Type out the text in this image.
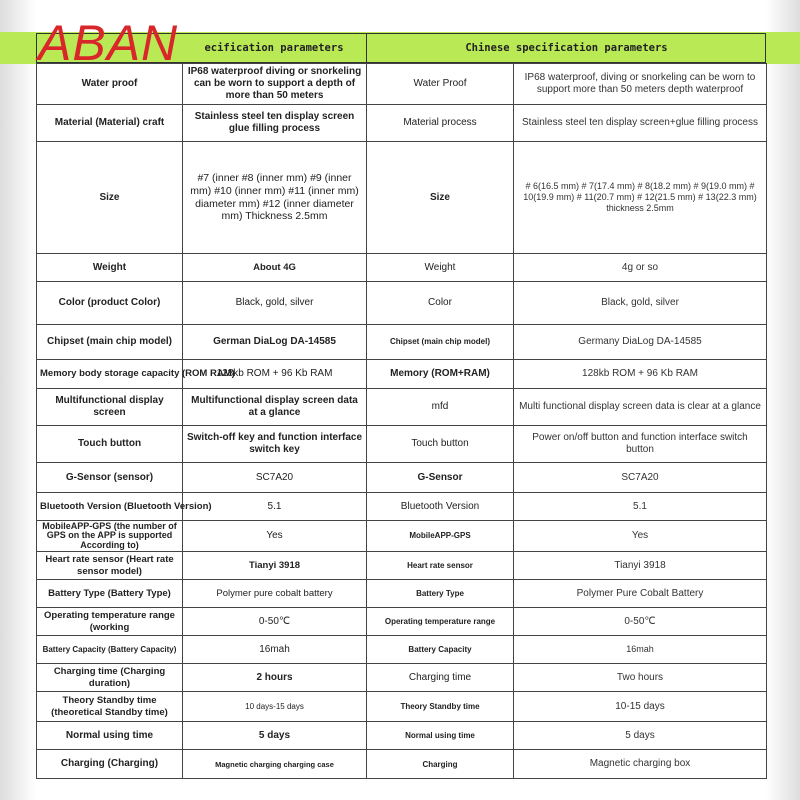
ecification parameters	Chinese specification parameters
ABAN
Water proof	IP68 waterproof diving or snorkeling can be worn to support a depth of more than 50 meters	Water Proof	IP68 waterproof, diving or snorkeling can be worn to support more than 50 meters depth waterproof
Material (Material) craft	Stainless steel ten display screen glue filling process	Material process	Stainless steel ten display screen+glue filling process
Size	#7 (inner #8 (inner mm) #9 (inner mm) #10 (inner mm) #11 (inner mm) diameter mm) #12 (inner diameter mm) Thickness 2.5mm	Size	# 6(16.5 mm) # 7(17.4 mm) # 8(18.2 mm) # 9(19.0 mm) # 10(19.9 mm) # 11(20.7 mm) # 12(21.5 mm) # 13(22.3 mm) thickness 2.5mm
Weight	About 4G	Weight	4g or so
Color (product Color)	Black, gold, silver	Color	Black, gold, silver
Chipset (main chip model)	German DiaLog DA-14585	Chipset (main chip model)	Germany DiaLog DA-14585
Memory body storage capacity (ROM RAM)	128kb ROM + 96 Kb RAM	Memory (ROM+RAM)	128kb ROM + 96 Kb RAM
Multifunctional display screen	Multifunctional display screen data at a glance	mfd	Multi functional display screen data is clear at a glance
Touch button	Switch-off key and function interface switch key	Touch button	Power on/off button and function interface switch button
G-Sensor (sensor)	SC7A20	G-Sensor	SC7A20
Bluetooth Version (Bluetooth Version)	5.1	Bluetooth Version	5.1
MobileAPP-GPS (the number of GPS on the APP is supported According to)	Yes	MobileAPP-GPS	Yes
Heart rate sensor (Heart rate sensor model)	Tianyi 3918	Heart rate sensor	Tianyi 3918
Battery Type (Battery Type)	Polymer pure cobalt battery	Battery Type	Polymer Pure Cobalt Battery
Operating temperature range (working	0-50℃	Operating temperature range	0-50℃
Battery Capacity (Battery Capacity)	16mah	Battery Capacity	16mah
Charging time (Charging duration)	2 hours	Charging time	Two hours
Theory Standby time (theoretical Standby time)	10 days-15 days	Theory Standby time	10-15 days
Normal using time	5 days	Normal using time	5 days
Charging (Charging)	Magnetic charging charging case	Charging	Magnetic charging box
